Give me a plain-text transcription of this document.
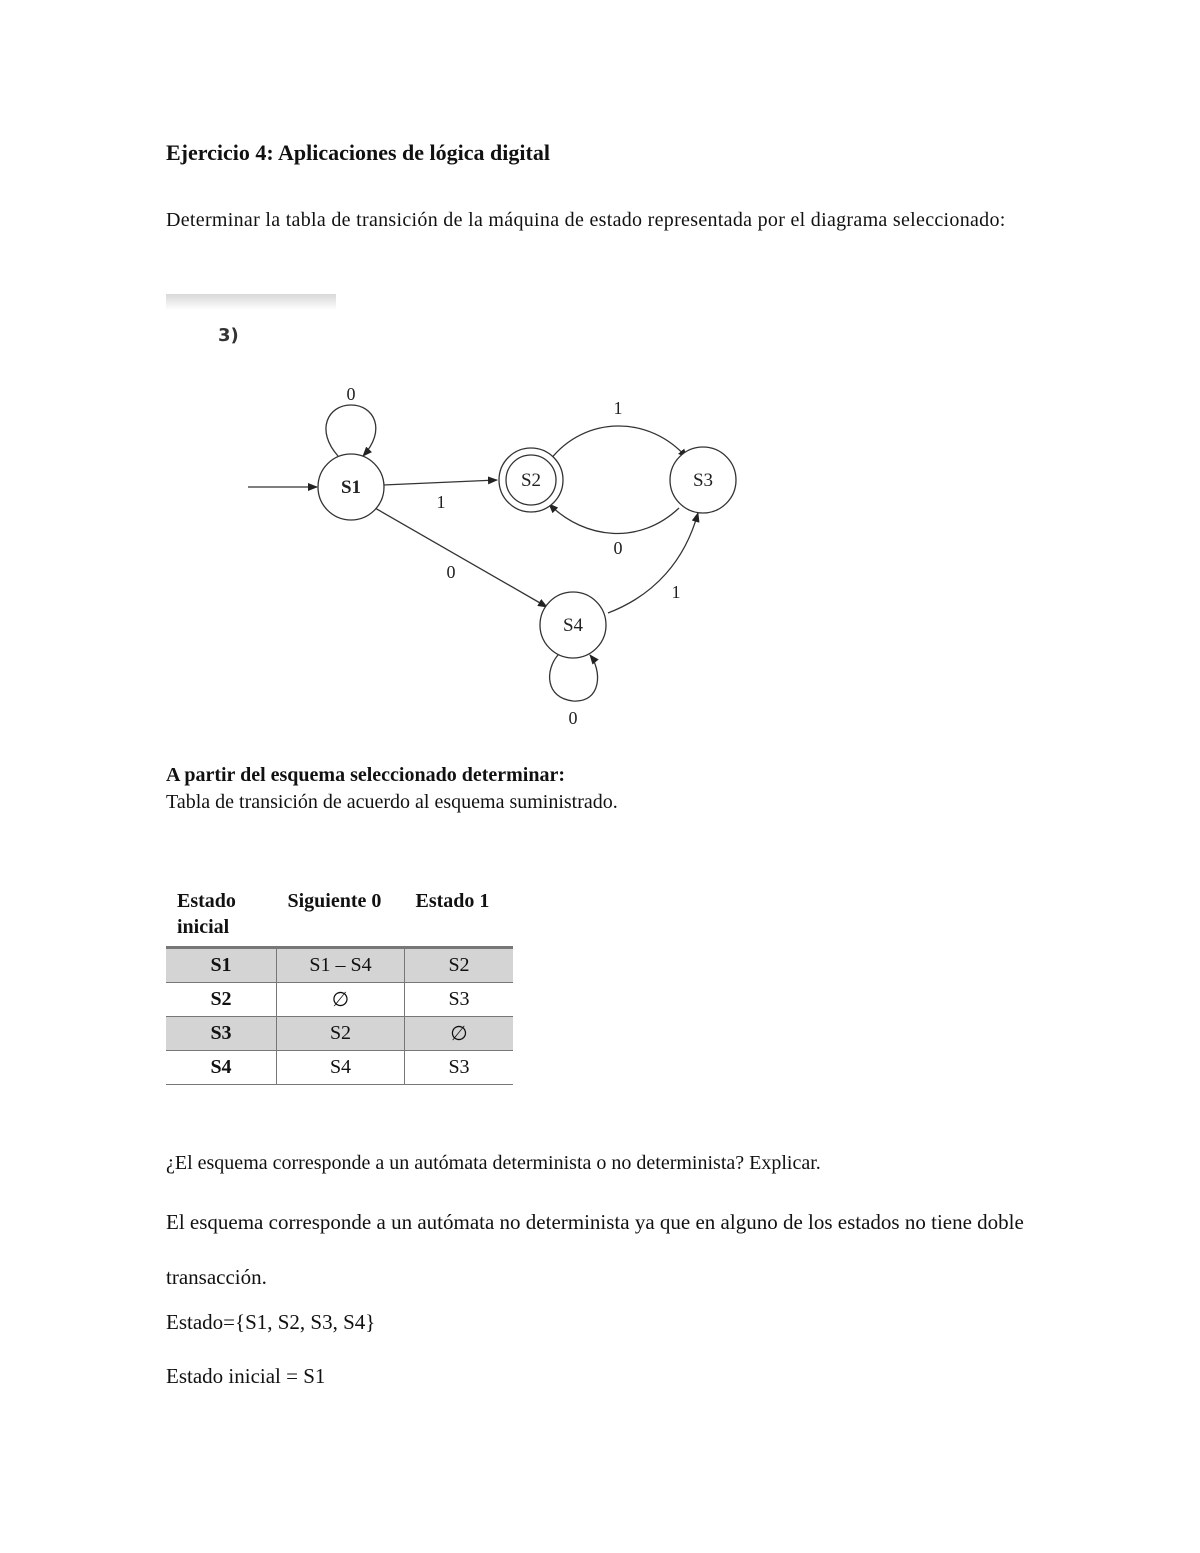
Ejercicio 4: Aplicaciones de lógica digital
Determinar la tabla de transición de la máquina de estado representada por el diagrama seleccionado:
3)
S1	S2	S3
S4
0
1
1
0
0
1
0
A partir del esquema seleccionado determinar:
Tabla de transición de acuerdo al esquema suministrado.
Estado inicial	Siguiente 0	Estado 1
S1	S1 – S4	S2
S2	∅	S3
S3	S2	∅
S4	S4	S3
¿El esquema corresponde a un autómata determinista o no determinista? Explicar.
El esquema corresponde a un autómata no determinista ya que en alguno de los estados no tiene doble transacción.
Estado={S1, S2, S3, S4}
Estado inicial = S1
